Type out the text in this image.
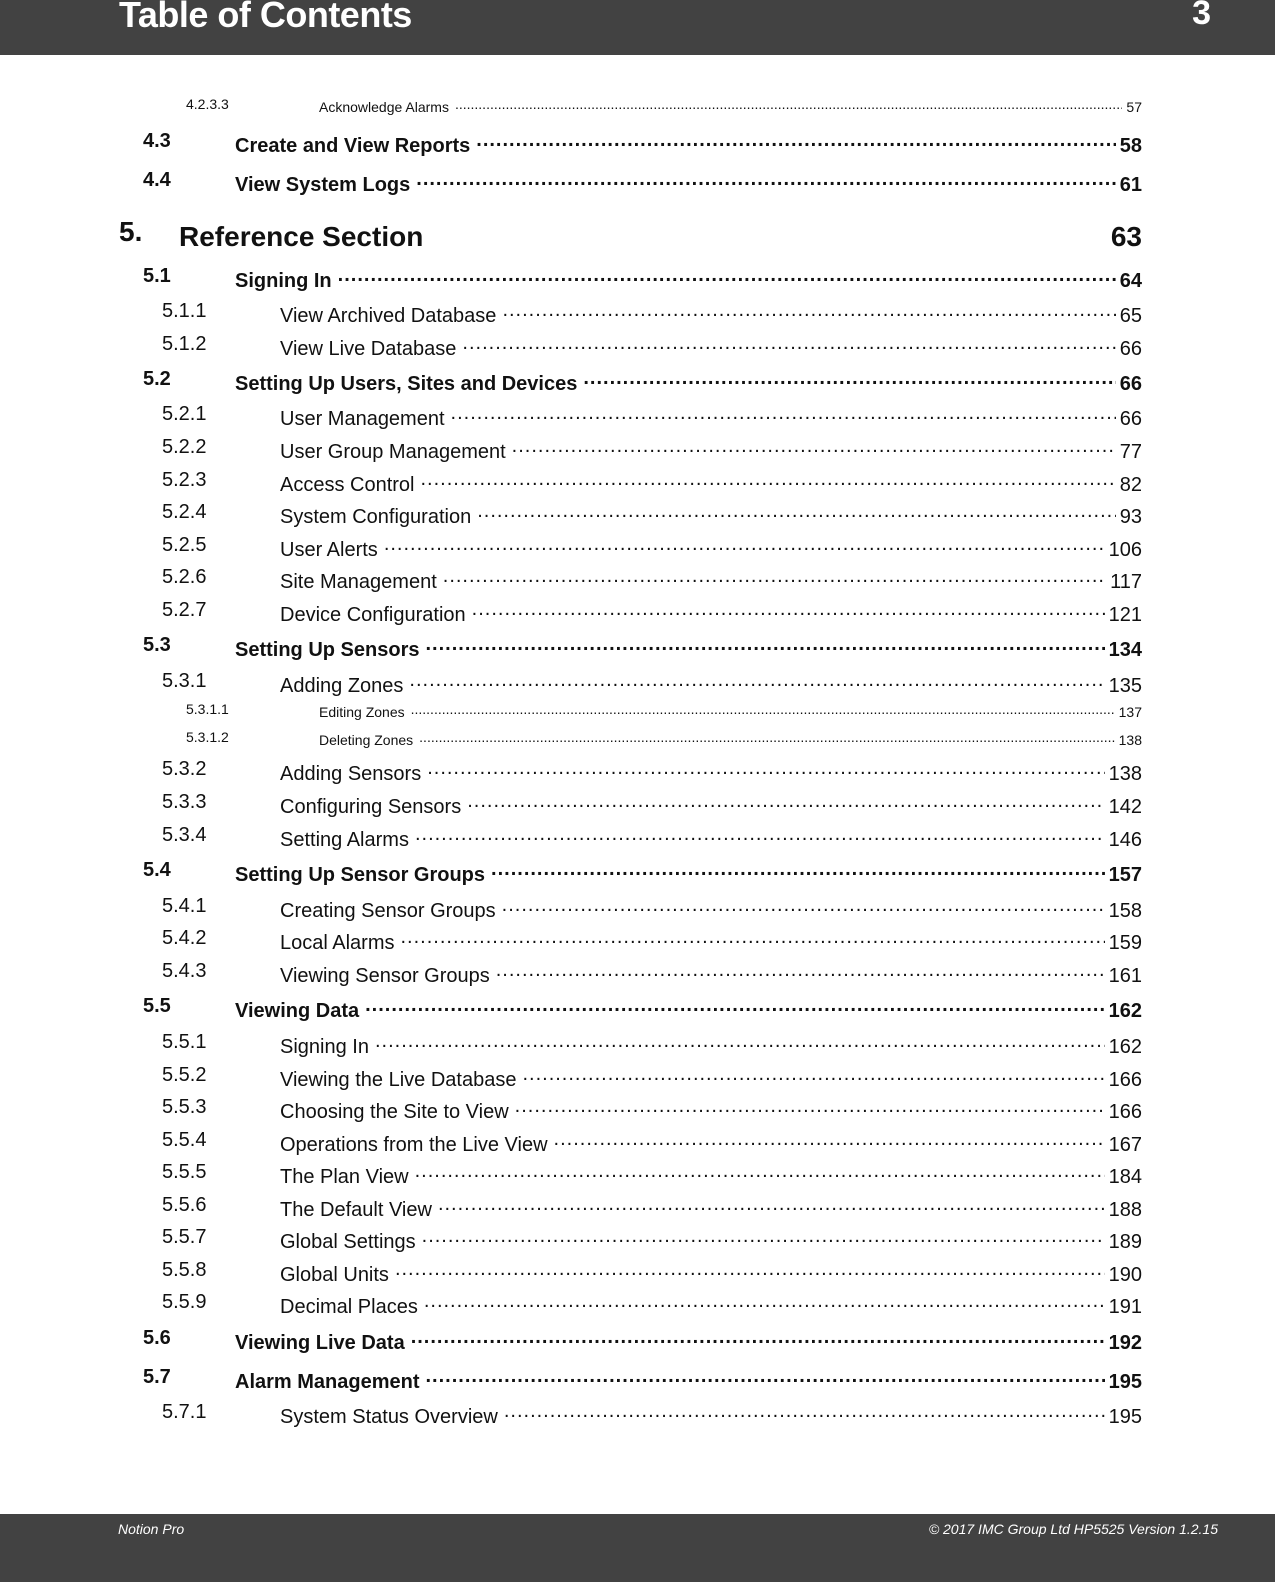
Table of Contents	3
4.2.3.3	Acknowledge Alarms .....	57
4.3	Create and View Reports .....	58
4.4	View System Logs .....	61
5. Reference Section	63
5.1	Signing In .....	64
5.1.1	View Archived Database .....	65
5.1.2	View Live Database .....	66
5.2	Setting Up Users, Sites and Devices .....	66
5.2.1	User Management .....	66
5.2.2	User Group Management .....	77
5.2.3	Access Control .....	82
5.2.4	System Configuration .....	93
5.2.5	User Alerts .....	106
5.2.6	Site Management .....	117
5.2.7	Device Configuration .....	121
5.3	Setting Up Sensors .....	134
5.3.1	Adding Zones .....	135
5.3.1.1	Editing Zones .....	137
5.3.1.2	Deleting Zones .....	138
5.3.2	Adding Sensors .....	138
5.3.3	Configuring Sensors .....	142
5.3.4	Setting Alarms .....	146
5.4	Setting Up Sensor Groups .....	157
5.4.1	Creating Sensor Groups .....	158
5.4.2	Local Alarms .....	159
5.4.3	Viewing Sensor Groups .....	161
5.5	Viewing Data .....	162
5.5.1	Signing In .....	162
5.5.2	Viewing the Live Database .....	166
5.5.3	Choosing the Site to View .....	166
5.5.4	Operations from the Live View .....	167
5.5.5	The Plan View .....	184
5.5.6	The Default View .....	188
5.5.7	Global Settings .....	189
5.5.8	Global Units .....	190
5.5.9	Decimal Places .....	191
5.6	Viewing Live Data .....	192
5.7	Alarm Management .....	195
5.7.1	System Status Overview .....	195
Notion Pro	© 2017 IMC Group Ltd HP5525 Version 1.2.15
